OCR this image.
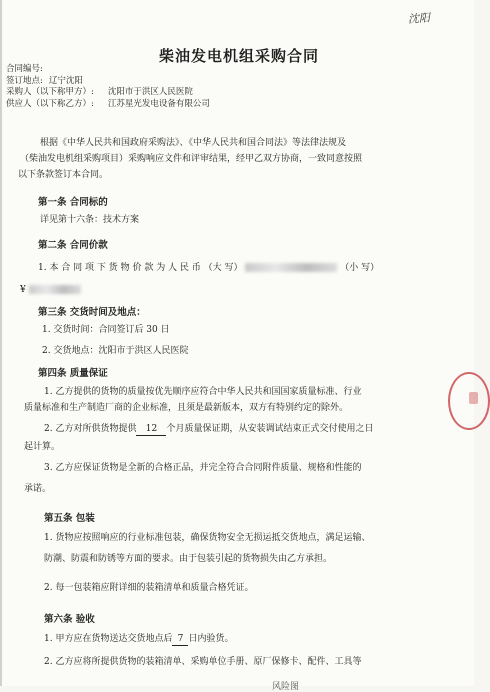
沈阳
柴油发电机组采购合同
合同编号:
签订地点: 辽宁沈阳
采购人（以下称甲方）: 沈阳市于洪区人民医院
供应人（以下称乙方）: 江苏星光发电设备有限公司
根据《中华人民共和国政府采购法》、《中华人民共和国合同法》等法律法规及
（柴油发电机组采购项目）采购响应文件和评审结果，经甲乙双方协商，一致同意按照
以下条款签订本合同。
第一条 合同标的
详见第十六条：技术方案
第二条 合同价款
1. 本 合 同 项 下 货 物 价 款 为 人 民 币 （大 写）	（小 写）
¥
第三条 交货时间及地点：
1. 交货时间：合同签订后 30 日
2. 交货地点：沈阳市于洪区人民医院
第四条 质量保证
1. 乙方提供的货物的质量按优先顺序应符合中华人民共和国国家质量标准、行业
质量标准和生产制造厂商的企业标准，且须是最新版本，双方有特别约定的除外。
2. 乙方对所供货物提供 12 个月质量保证期，从安装调试结束正式交付使用之日
起计算。
3. 乙方应保证货物是全新的合格正品，并完全符合合同附件质量、规格和性能的
承诺。
第五条 包装
1. 货物应按照响应的行业标准包装，确保货物安全无损运抵交货地点，满足运输、
防潮、防震和防锈等方面的要求。由于包装引起的货物损失由乙方承担。
2. 每一包装箱应附详细的装箱清单和质量合格凭证。
第六条 验收
1. 甲方应在货物送达交货地点后 7 日内验货。
2. 乙方应将所提供货物的装箱清单、采购单位手册、原厂保修卡、配件、工具等
风险图
